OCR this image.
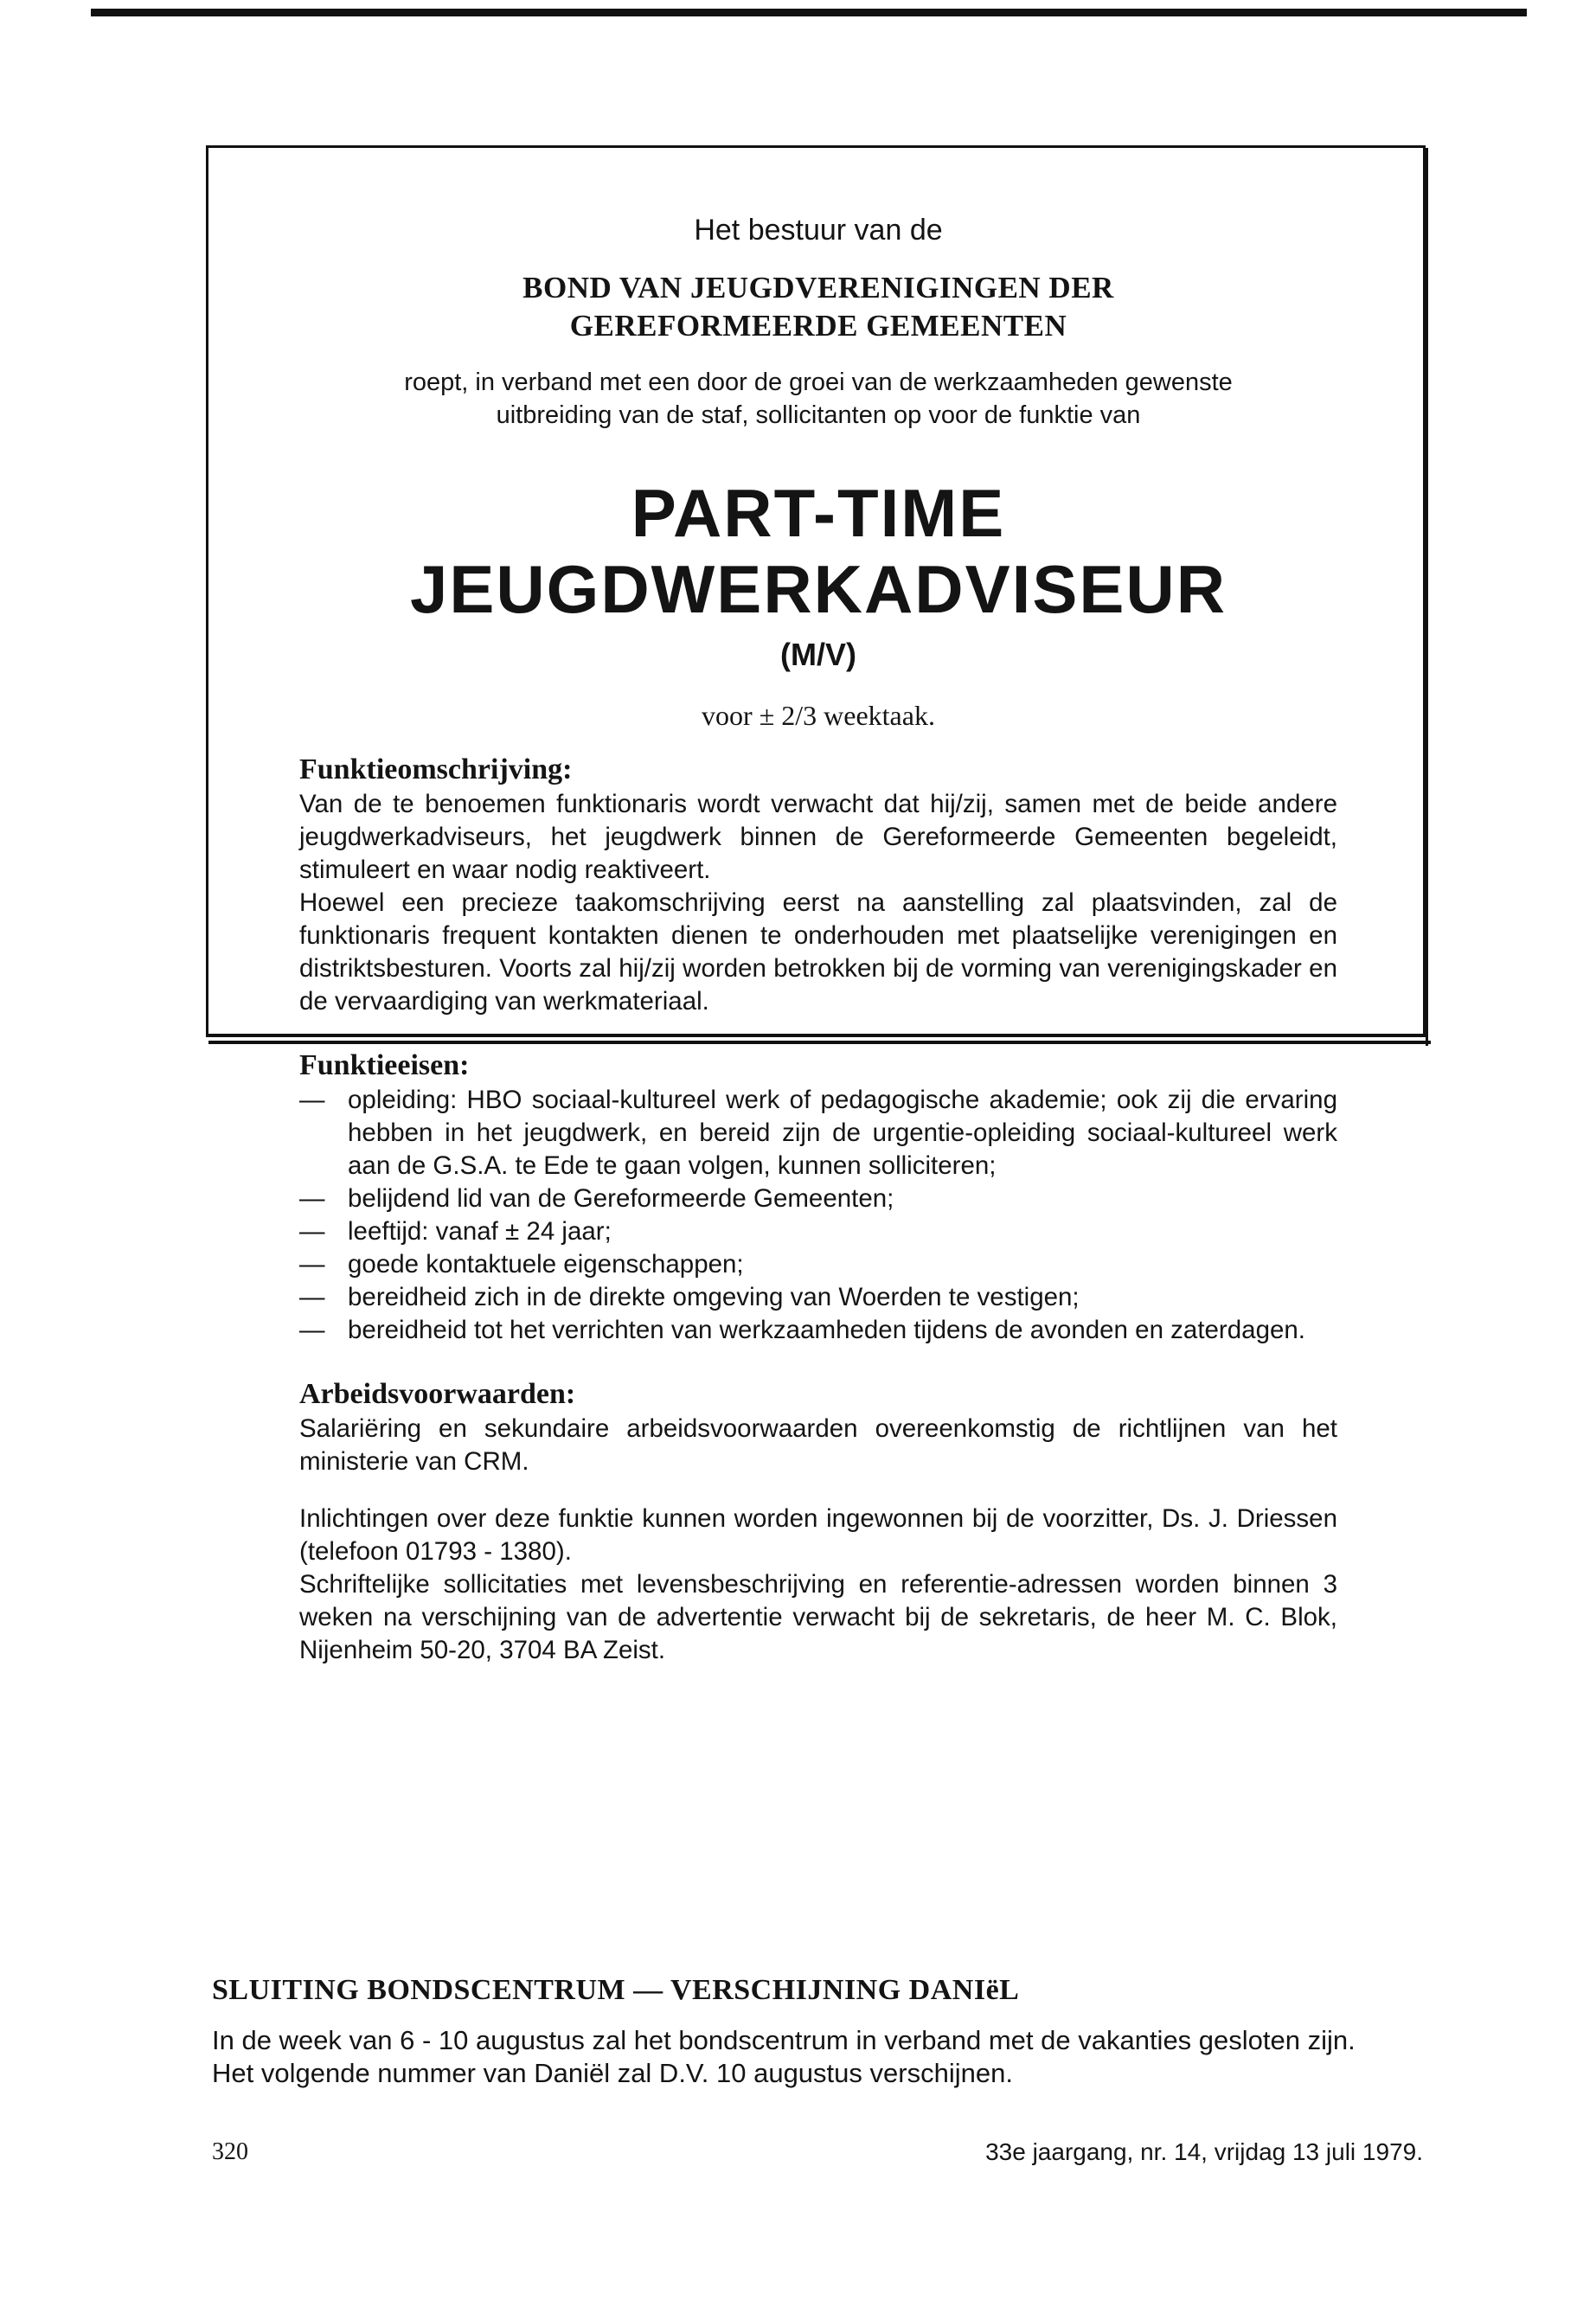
Het bestuur van de
BOND VAN JEUGDVERENIGINGEN DER
GEREFORMEERDE GEMEENTEN
roept, in verband met een door de groei van de werkzaamheden gewenste
uitbreiding van de staf, sollicitanten op voor de funktie van
PART-TIME
JEUGDWERKADVISEUR
(M/V)
voor ± 2/3 weektaak.
Funktieomschrijving:
Van de te benoemen funktionaris wordt verwacht dat hij/zij, samen met de beide andere jeugdwerkadviseurs, het jeugdwerk binnen de Gereformeerde Gemeenten begeleidt, stimuleert en waar nodig reaktiveert.
Hoewel een precieze taakomschrijving eerst na aanstelling zal plaatsvinden, zal de funktionaris frequent kontakten dienen te onderhouden met plaatselijke verenigingen en distriktsbesturen. Voorts zal hij/zij worden betrokken bij de vorming van verenigingskader en de vervaardiging van werkmateriaal.
Funktieeisen:
— opleiding: HBO sociaal-kultureel werk of pedagogische akademie; ook zij die ervaring hebben in het jeugdwerk, en bereid zijn de urgentie-opleiding sociaal-kultureel werk aan de G.S.A. te Ede te gaan volgen, kunnen solliciteren;
— belijdend lid van de Gereformeerde Gemeenten;
— leeftijd: vanaf ± 24 jaar;
— goede kontaktuele eigenschappen;
— bereidheid zich in de direkte omgeving van Woerden te vestigen;
— bereidheid tot het verrichten van werkzaamheden tijdens de avonden en zaterdagen.
Arbeidsvoorwaarden:
Salariëring en sekundaire arbeidsvoorwaarden overeenkomstig de richtlijnen van het ministerie van CRM.
Inlichtingen over deze funktie kunnen worden ingewonnen bij de voorzitter, Ds. J. Driessen (telefoon 01793 - 1380).
Schriftelijke sollicitaties met levensbeschrijving en referentie-adressen worden binnen 3 weken na verschijning van de advertentie verwacht bij de sekretaris, de heer M. C. Blok, Nijenheim 50-20, 3704 BA Zeist.
SLUITING BONDSCENTRUM — VERSCHIJNING DANIëL
In de week van 6 - 10 augustus zal het bondscentrum in verband met de vakanties gesloten zijn.
Het volgende nummer van Daniël zal D.V. 10 augustus verschijnen.
320	33e jaargang, nr. 14, vrijdag 13 juli 1979.
